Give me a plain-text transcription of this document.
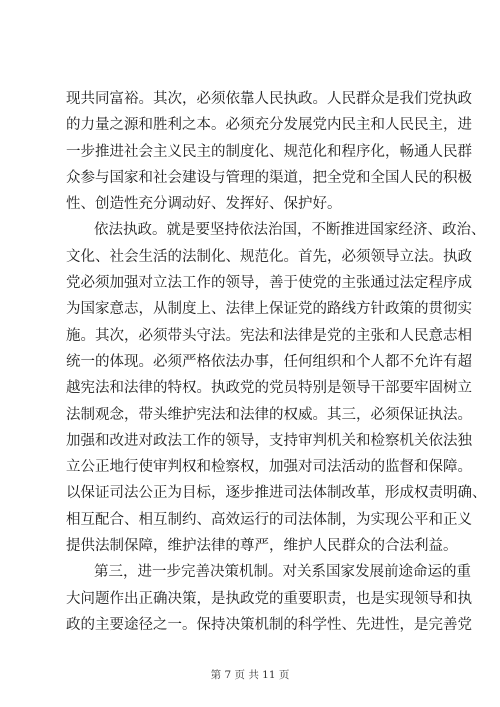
现共同富裕。其次，必须依靠人民执政。人民群众是我们党执政
的力量之源和胜利之本。必须充分发展党内民主和人民民主，进
一步推进社会主义民主的制度化、规范化和程序化，畅通人民群
众参与国家和社会建设与管理的渠道，把全党和全国人民的积极
性、创造性充分调动好、发挥好、保护好。
依法执政。就是要坚持依法治国，不断推进国家经济、政治、
文化、社会生活的法制化、规范化。首先，必须领导立法。执政
党必须加强对立法工作的领导，善于使党的主张通过法定程序成
为国家意志，从制度上、法律上保证党的路线方针政策的贯彻实
施。其次，必须带头守法。宪法和法律是党的主张和人民意志相
统一的体现。必须严格依法办事，任何组织和个人都不允许有超
越宪法和法律的特权。执政党的党员特别是领导干部要牢固树立
法制观念，带头维护宪法和法律的权威。其三，必须保证执法。
加强和改进对政法工作的领导，支持审判机关和检察机关依法独
立公正地行使审判权和检察权，加强对司法活动的监督和保障。
以保证司法公正为目标，逐步推进司法体制改革，形成权责明确、
相互配合、相互制约、高效运行的司法体制，为实现公平和正义
提供法制保障，维护法律的尊严，维护人民群众的合法利益。
第三，进一步完善决策机制。对关系国家发展前途命运的重
大问题作出正确决策，是执政党的重要职责，也是实现领导和执
政的主要途径之一。保持决策机制的科学性、先进性，是完善党
第 7 页 共 11 页
